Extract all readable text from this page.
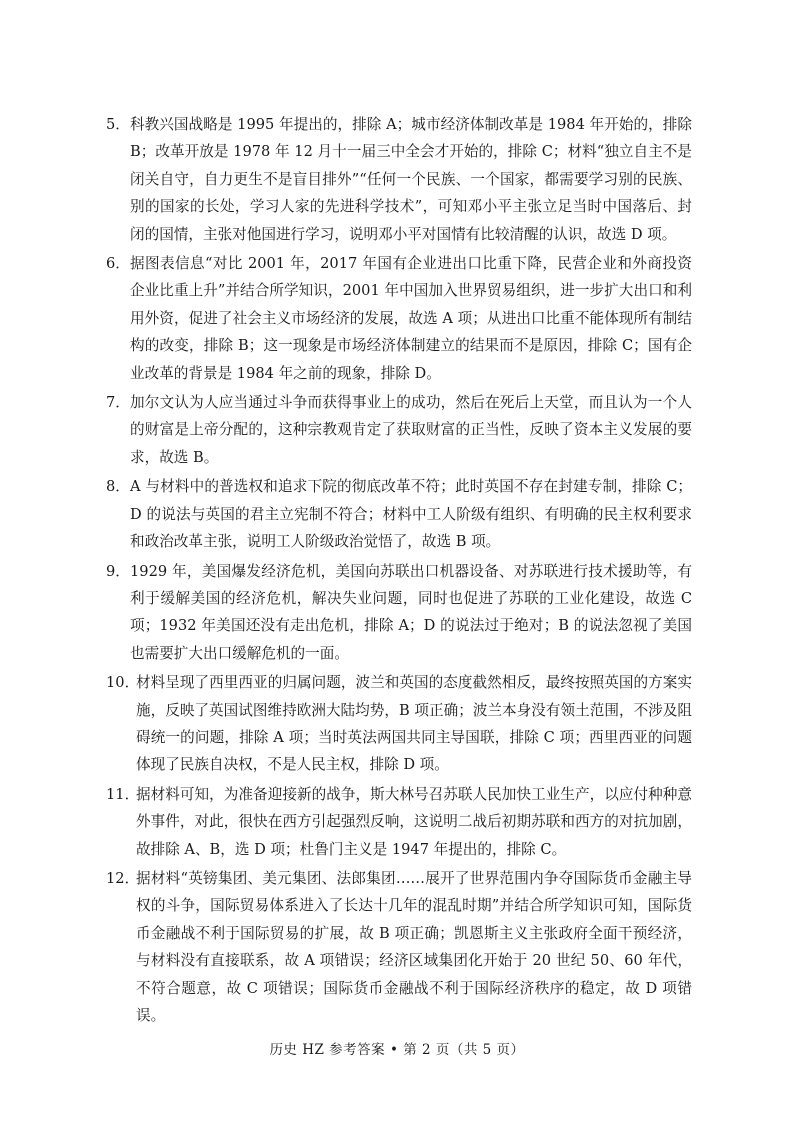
5． 科教兴国战略是 1995 年提出的，排除 A；城市经济体制改革是 1984 年开始的，排除 B；改革开放是 1978 年 12 月十一届三中全会才开始的，排除 C；材料“独立自主不是闭关自守，自力更生不是盲目排外”“任何一个民族、一个国家，都需要学习别的民族、别的国家的长处，学习人家的先进科学技术”，可知邓小平主张立足当时中国落后、封闭的国情，主张对他国进行学习，说明邓小平对国情有比较清醒的认识，故选 D 项。
6． 据图表信息“对比 2001 年，2017 年国有企业进出口比重下降，民营企业和外商投资企业比重上升”并结合所学知识，2001 年中国加入世界贸易组织，进一步扩大出口和利用外资，促进了社会主义市场经济的发展，故选 A 项；从进出口比重不能体现所有制结构的改变，排除 B；这一现象是市场经济体制建立的结果而不是原因，排除 C；国有企业改革的背景是 1984 年之前的现象，排除 D。
7． 加尔文认为人应当通过斗争而获得事业上的成功，然后在死后上天堂，而且认为一个人的财富是上帝分配的，这种宗教观肯定了获取财富的正当性，反映了资本主义发展的要求，故选 B。
8． A 与材料中的普选权和追求下院的彻底改革不符；此时英国不存在封建专制，排除 C；D 的说法与英国的君主立宪制不符合；材料中工人阶级有组织、有明确的民主权利要求和政治改革主张，说明工人阶级政治觉悟了，故选 B 项。
9． 1929 年，美国爆发经济危机，美国向苏联出口机器设备、对苏联进行技术援助等，有利于缓解美国的经济危机，解决失业问题，同时也促进了苏联的工业化建设，故选 C 项；1932 年美国还没有走出危机，排除 A；D 的说法过于绝对；B 的说法忽视了美国也需要扩大出口缓解危机的一面。
10．
材料呈现了西里西亚的归属问题，波兰和英国的态度截然相反，最终按照英国的方案实施，反映了英国试图维持欧洲大陆均势，B 项正确；波兰本身没有领土范围，不涉及阻碍统一的问题，排除 A 项；当时英法两国共同主导国联，排除 C 项；西里西亚的问题体现了民族自决权，不是人民主权，排除 D 项。
11．
据材料可知，为准备迎接新的战争，斯大林号召苏联人民加快工业生产，以应付种种意外事件，对此，很快在西方引起强烈反响，这说明二战后初期苏联和西方的对抗加剧，故排除 A、B，选 D 项；杜鲁门主义是 1947 年提出的，排除 C。
12．
据材料“英镑集团、美元集团、法郎集团……展开了世界范围内争夺国际货币金融主导权的斗争，国际贸易体系进入了长达十几年的混乱时期”并结合所学知识可知，国际货币金融战不利于国际贸易的扩展，故 B 项正确；凯恩斯主义主张政府全面干预经济，与材料没有直接联系，故 A 项错误；经济区域集团化开始于 20 世纪 50、60 年代，不符合题意，故 C 项错误；国际货币金融战不利于国际经济秩序的稳定，故 D 项错误。
历史 HZ 参考答案 • 第 2 页（共 5 页）
